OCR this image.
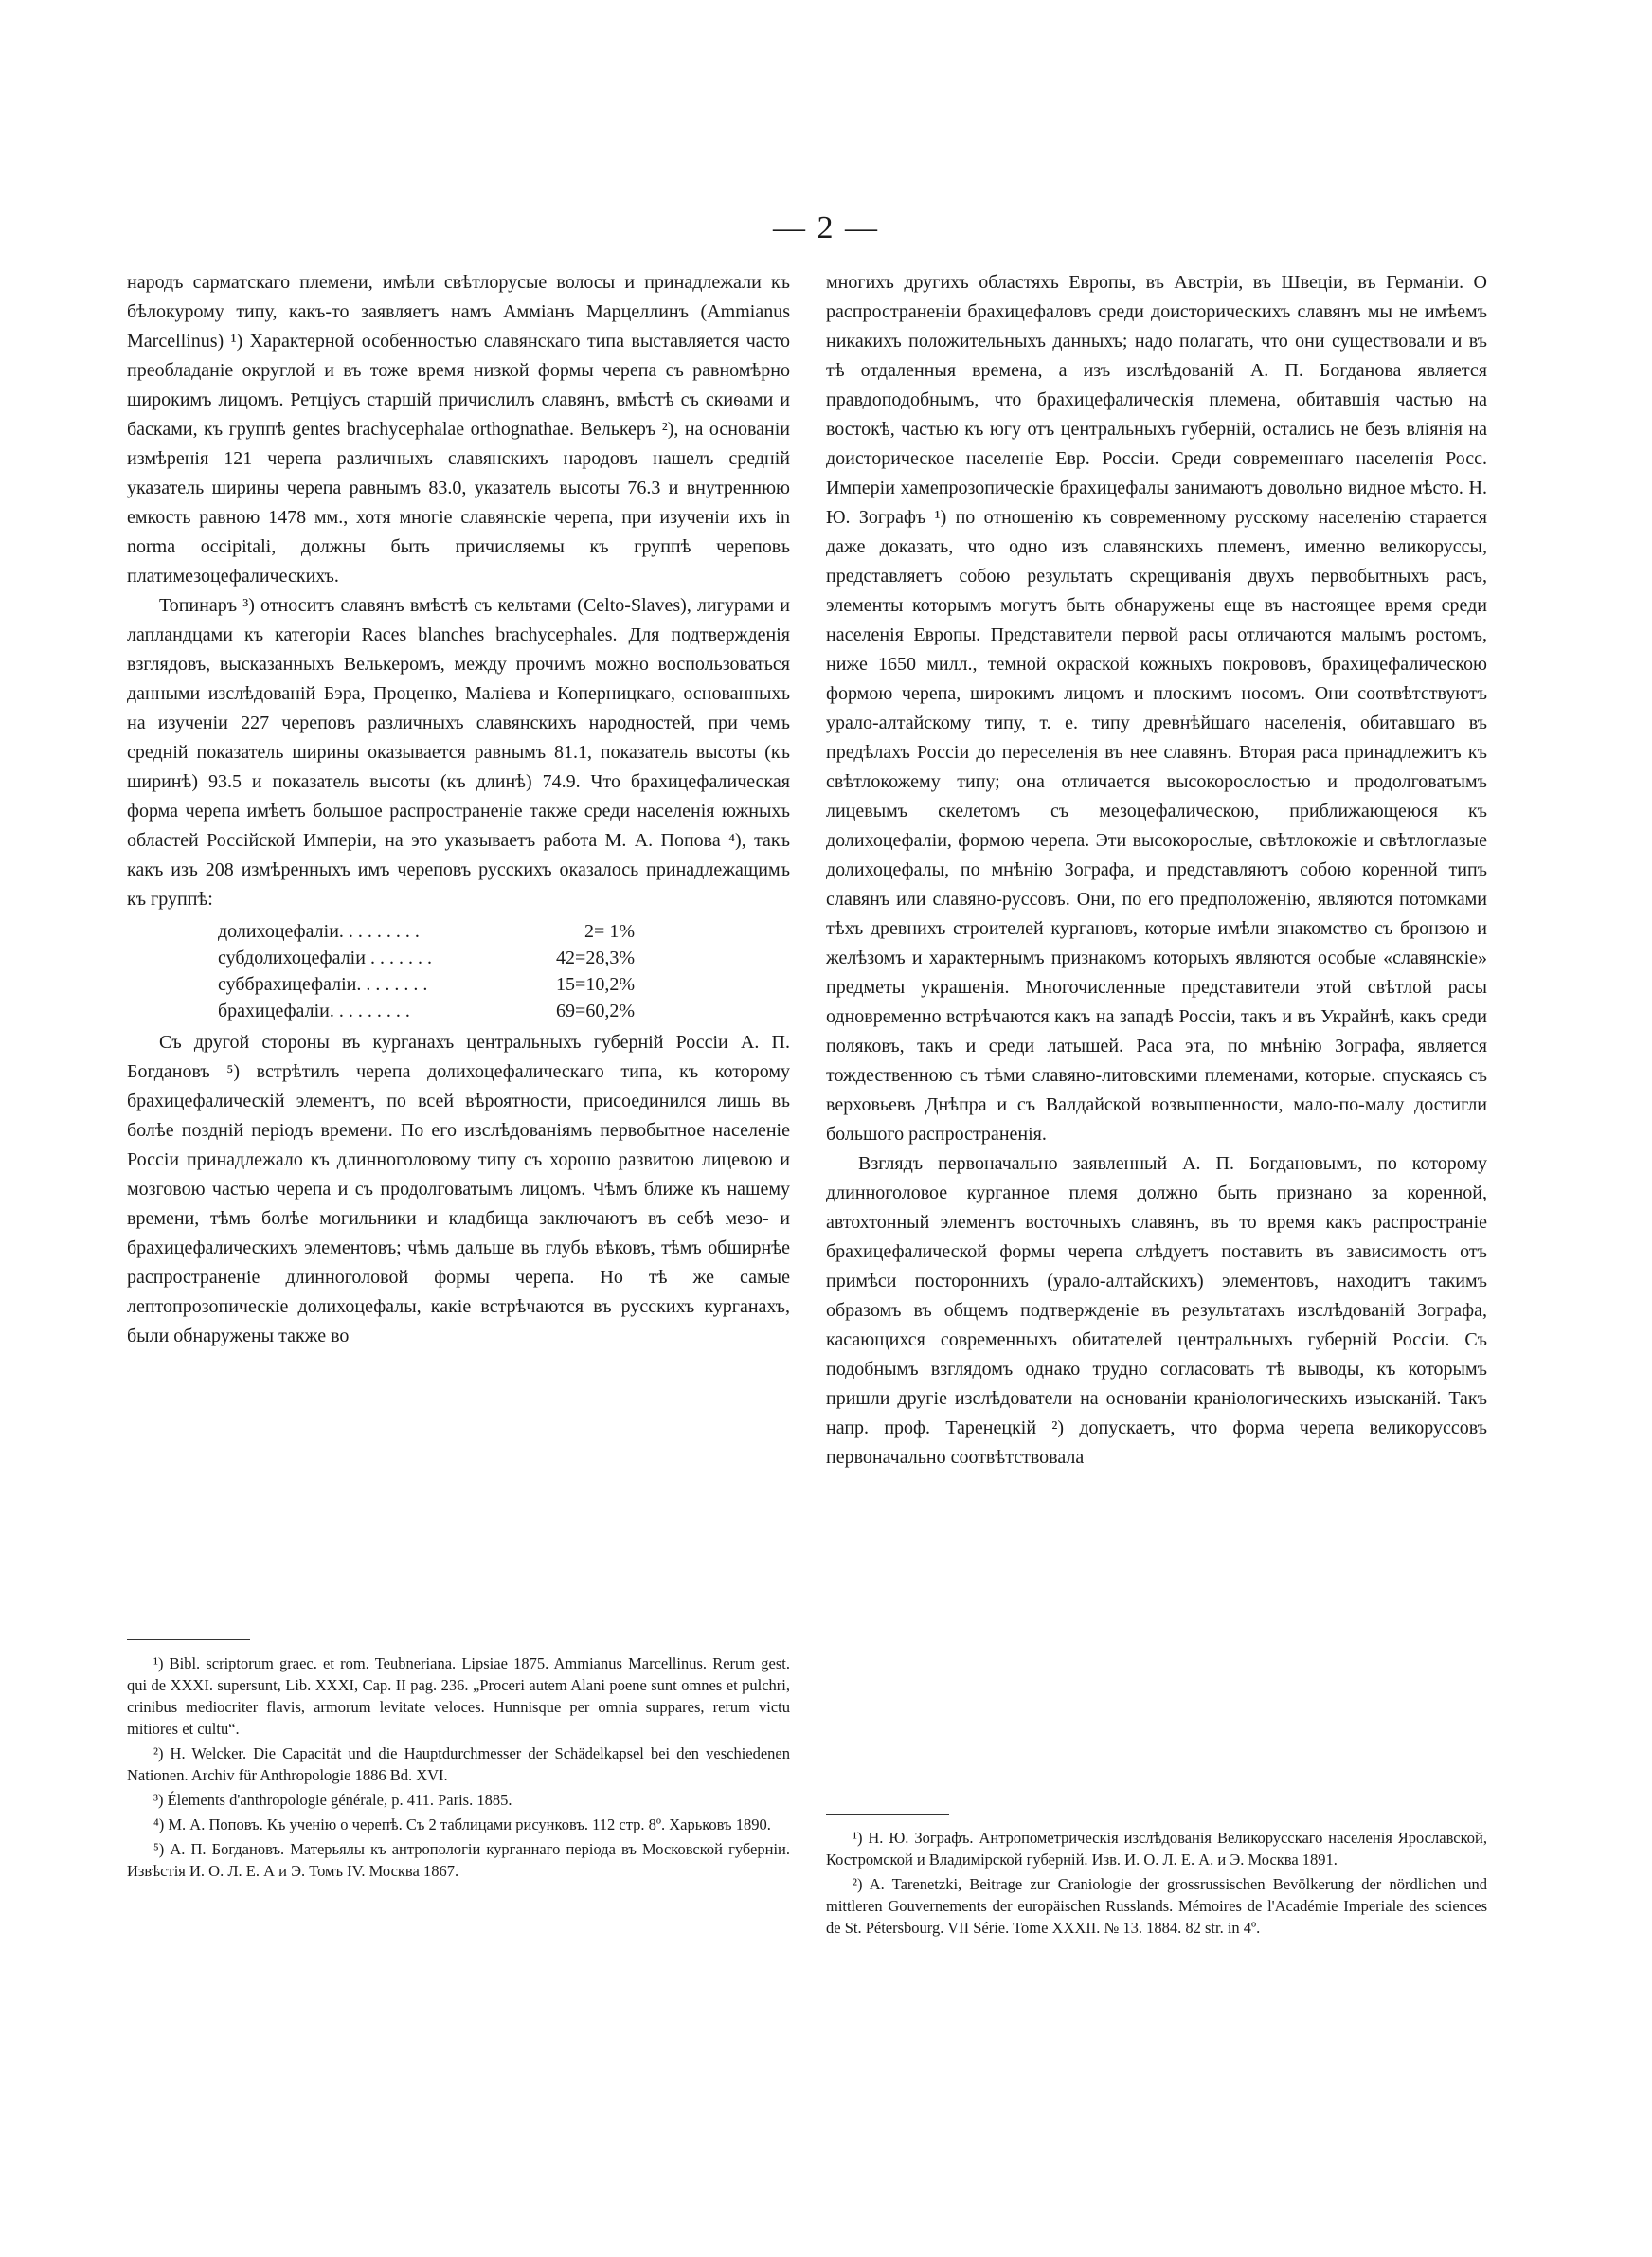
— 2 —

народъ сарматскаго племени, имѣли свѣтлорусые волосы и принадлежали къ бѣлокурому типу, какъ-то заявляетъ намъ Амміанъ Марцеллинъ (Ammianus Marcellinus) ¹) Характерной особенностью славянскаго типа выставляется часто преобладаніе округлой и въ тоже время низкой формы черепа съ равномѣрно широкимъ лицомъ. Ретціусъ старшій причислилъ славянъ, вмѣстѣ съ скиѳами и басками, къ группѣ gentes brachycephalae orthognathae. Велькеръ ²), на основаніи измѣренія 121 черепа различныхъ славянскихъ народовъ нашелъ средній указатель ширины черепа равнымъ 83.0, указатель высоты 76.3 и внутреннюю емкость равною 1478 мм., хотя многіе славянскіе черепа, при изученіи ихъ in norma occipitali, должны быть причисляемы къ группѣ череповъ платимезоцефалическихъ.

Топинаръ ³) относитъ славянъ вмѣстѣ съ кельтами (Celto-Slaves), лигурами и лапландцами къ категоріи Races blanches brachycephales. Для подтвержденія взглядовъ, высказанныхъ Велькеромъ, между прочимъ можно воспользоваться данными изслѣдованій Бэра, Проценко, Маліева и Коперницкаго, основанныхъ на изученіи 227 череповъ различныхъ славянскихъ народностей, при чемъ средній показатель ширины оказывается равнымъ 81.1, показатель высоты (къ ширинѣ) 93.5 и показатель высоты (къ длинѣ) 74.9. Что брахицефалическая форма черепа имѣетъ большое распространеніе также среди населенія южныхъ областей Россійской Имперіи, на это указываетъ работа М. А. Попова ⁴), такъ какъ изъ 208 измѣренныхъ имъ череповъ русскихъ оказалось принадлежащимъ къ группѣ:

долихоцефаліи. . . . . . . . .	2= 1%
субдолихоцефаліи . . . . . . .	42=28,3%
суббрахицефаліи. . . . . . . .	15=10,2%
брахицефаліи. . . . . . . . .	69=60,2%

Съ другой стороны въ курганахъ центральныхъ губерній Россіи А. П. Богдановъ ⁵) встрѣтилъ черепа долихоцефалическаго типа, къ которому брахицефалическій элементъ, по всей вѣроятности, присоединился лишь въ болѣе поздній періодъ времени. По его изслѣдованіямъ первобытное населеніе Россіи принадлежало къ длинноголовому типу съ хорошо развитою лицевою и мозговою частью черепа и съ продолговатымъ лицомъ. Чѣмъ ближе къ нашему времени, тѣмъ болѣе могильники и кладбища заключаютъ въ себѣ мезо- и брахицефалическихъ элементовъ; чѣмъ дальше въ глубь вѣковъ, тѣмъ обширнѣе распространеніе длинноголовой формы черепа. Но тѣ же самые лептопрозопическіе долихоцефалы, какіе встрѣчаются въ русскихъ курганахъ, были обнаружены также во

многихъ другихъ областяхъ Европы, въ Австріи, въ Швеціи, въ Германіи. О распространеніи брахицефаловъ среди доисторическихъ славянъ мы не имѣемъ никакихъ положительныхъ данныхъ; надо полагать, что они существовали и въ тѣ отдаленныя времена, а изъ изслѣдованій А. П. Богданова является правдоподобнымъ, что брахицефалическія племена, обитавшія частью на востокѣ, частью къ югу отъ центральныхъ губерній, остались не безъ вліянія на доисторическое населеніе Евр. Россіи. Среди современнаго населенія Росс. Имперіи хамепрозопическіе брахицефалы занимаютъ довольно видное мѣсто. Н. Ю. Зографъ ¹) по отношенію къ современному русскому населенію старается даже доказать, что одно изъ славянскихъ племенъ, именно великоруссы, представляетъ собою результатъ скрещиванія двухъ первобытныхъ расъ, элементы которымъ могутъ быть обнаружены еще въ настоящее время среди населенія Европы. Представители первой расы отличаются малымъ ростомъ, ниже 1650 милл., темной окраской кожныхъ покрововъ, брахицефалическою формою черепа, широкимъ лицомъ и плоскимъ носомъ. Они соотвѣтствуютъ урало-алтайскому типу, т. е. типу древнѣйшаго населенія, обитавшаго въ предѣлахъ Россіи до переселенія въ нее славянъ. Вторая раса принадлежитъ къ свѣтлокожему типу; она отличается высокорослостью и продолговатымъ лицевымъ скелетомъ съ мезоцефалическою, приближающеюся къ долихоцефаліи, формою черепа. Эти высокорослые, свѣтлокожіе и свѣтлоглазые долихоцефалы, по мнѣнію Зографа, и представляютъ собою коренной типъ славянъ или славяно-руссовъ. Они, по его предположенію, являются потомками тѣхъ древнихъ строителей кургановъ, которые имѣли знакомство съ бронзою и желѣзомъ и характернымъ признакомъ которыхъ являются особые «славянскіе» предметы украшенія. Многочисленные представители этой свѣтлой расы одновременно встрѣчаются какъ на западѣ Россіи, такъ и въ Украйнѣ, какъ среди поляковъ, такъ и среди латышей. Раса эта, по мнѣнію Зографа, является тождественною съ тѣми славяно-литовскими племенами, которые. спускаясь съ верховьевъ Днѣпра и съ Валдайской возвышенности, мало-по-малу достигли большого распространенія.

Взглядъ первоначально заявленный А. П. Богдановымъ, по которому длинноголовое курганное племя должно быть признано за коренной, автохтонный элементъ восточныхъ славянъ, въ то время какъ распространіе брахицефалической формы черепа слѣдуетъ поставить въ зависимость отъ примѣси постороннихъ (урало-алтайскихъ) элементовъ, находитъ такимъ образомъ въ общемъ подтвержденіе въ результатахъ изслѣдованій Зографа, касающихся современныхъ обитателей центральныхъ губерній Россіи. Съ подобнымъ взглядомъ однако трудно согласовать тѣ выводы, къ которымъ пришли другіе изслѣдователи на основаніи краніологическихъ изысканій. Такъ напр. проф. Таренецкій ²) допускаетъ, что форма черепа великоруссовъ первоначально соотвѣтствовала

¹) Bibl. scriptorum graec. et rom. Teubneriana. Lipsiae 1875. Ammianus Marcellinus. Rerum gest. qui de XXXI. supersunt, Lib. XXXI, Cap. II pag. 236. „Proceri autem Alani poene sunt omnes et pulchri, crinibus mediocriter flavis, armorum levitate veloces. Hunnisque per omnia suppares, rerum victu mitiores et cultu“.

²) H. Welcker. Die Capacität und die Hauptdurchmesser der Schädelkapsel bei den veschiedenen Nationen. Archiv für Anthropologie 1886 Bd. XVI.

³) Élements d'anthropologie générale, p. 411. Paris. 1885.

⁴) М. А. Поповъ. Къ ученію о черепѣ. Съ 2 таблицами рисунковъ. 112 стр. 8º. Харьковъ 1890.

⁵) А. П. Богдановъ. Матерьялы къ антропологіи курганнаго періода въ Московской губерніи. Извѣстія И. О. Л. Е. А и Э. Томъ IV. Москва 1867.

¹) Н. Ю. Зографъ. Антропометрическія изслѣдованія Великорусскаго населенія Ярославской, Костромской и Владимірской губерній. Изв. И. О. Л. Е. А. и Э. Москва 1891.

²) A. Tarenetzki, Beitrage zur Craniologie der grossrussischen Bevölkerung der nördlichen und mittleren Gouvernements der europäischen Russlands. Mémoires de l'Académie Imperiale des sciences de St. Pétersbourg. VII Série. Tome XXXII. № 13. 1884. 82 str. in 4º.
